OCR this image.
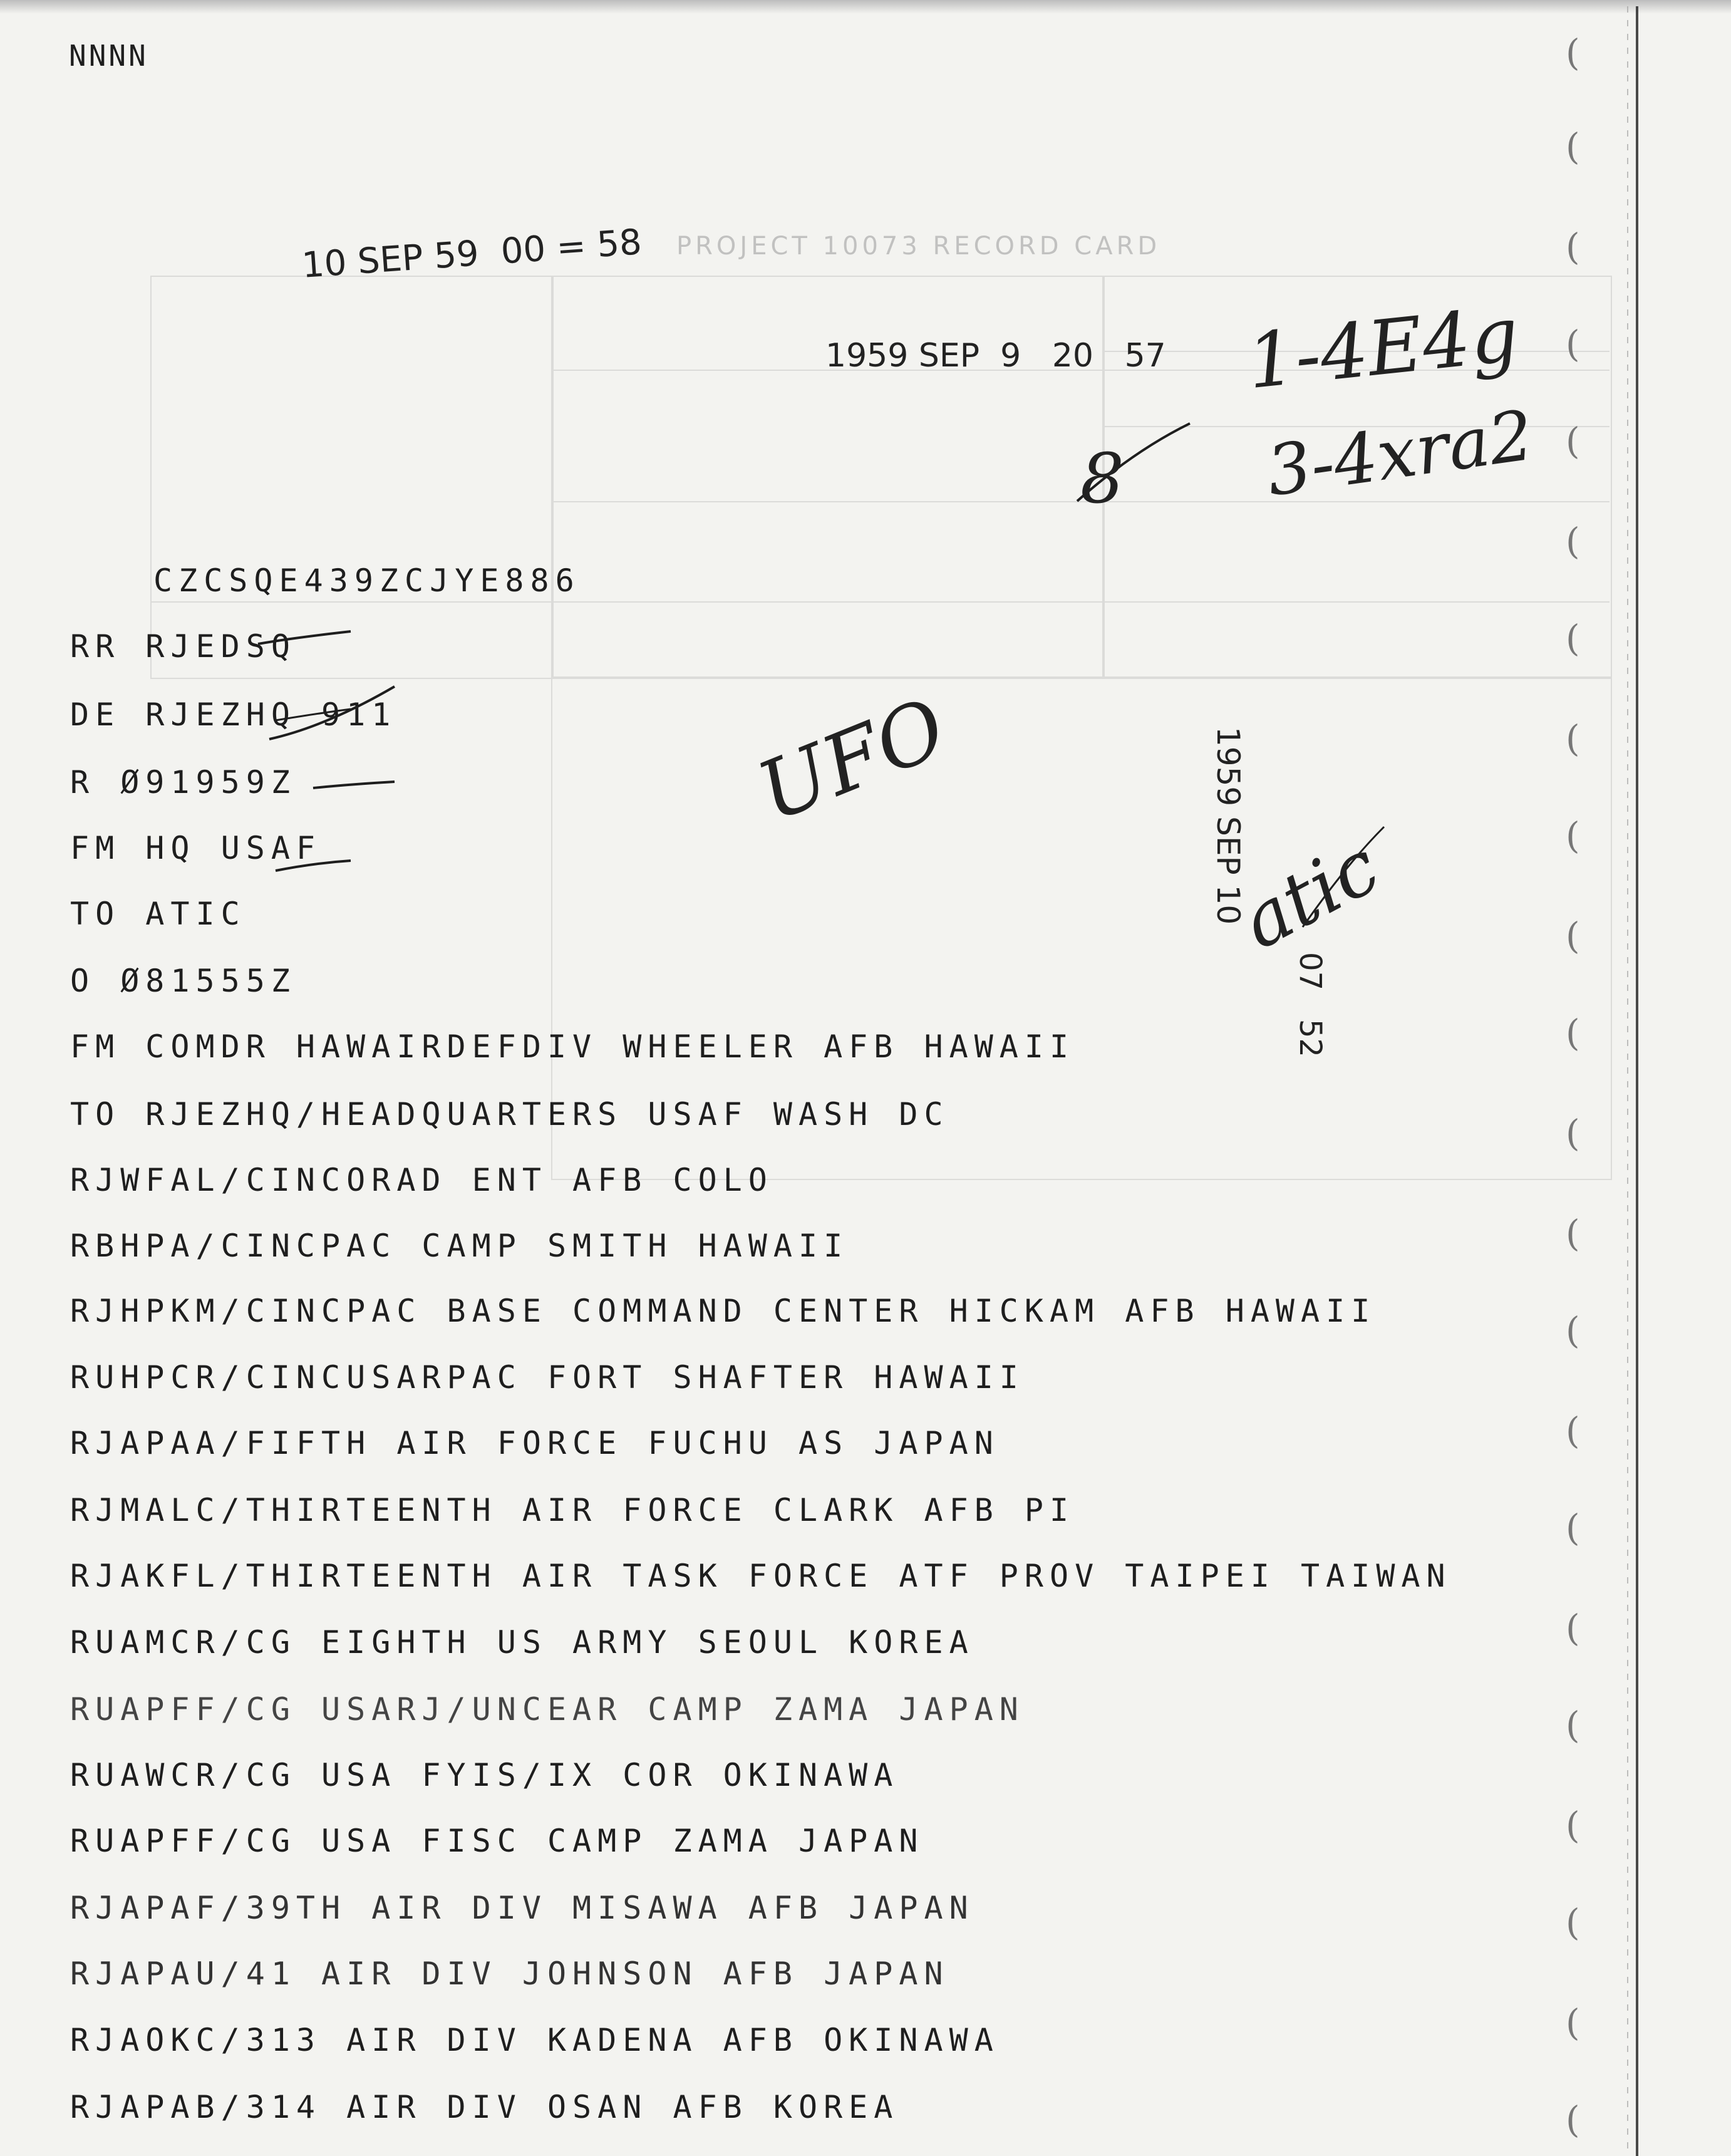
PROJECT 10073 RECORD CARD
(
(
(
(
(
(
(
(
(
(
(
(
(
(
(
(
(
(
(
(
(
(
NNNN
10 SEP 59  00 = 58
1959 SEP  9   20   57
1959 SEP 10
07   52
CZCSQE439ZCJYE886
RR RJEDSQ
DE RJEZHQ 911
R Ø91959Z
FM HQ USAF
TO ATIC
O Ø81555Z
FM COMDR HAWAIRDEFDIV WHEELER AFB HAWAII
TO RJEZHQ/HEADQUARTERS USAF WASH DC
RJWFAL/CINCORAD ENT AFB COLO
RBHPA/CINCPAC CAMP SMITH HAWAII
RJHPKM/CINCPAC BASE COMMAND CENTER HICKAM AFB HAWAII
RUHPCR/CINCUSARPAC FORT SHAFTER HAWAII
RJAPAA/FIFTH AIR FORCE FUCHU AS JAPAN
RJMALC/THIRTEENTH AIR FORCE CLARK AFB PI
RJAKFL/THIRTEENTH AIR TASK FORCE ATF PROV TAIPEI TAIWAN
RUAMCR/CG EIGHTH US ARMY SEOUL KOREA
RUAPFF/CG USARJ/UNCEAR CAMP ZAMA JAPAN
RUAWCR/CG USA FYIS/IX COR OKINAWA
RUAPFF/CG USA FISC CAMP ZAMA JAPAN
RJAPAF/39TH AIR DIV MISAWA AFB JAPAN
RJAPAU/41 AIR DIV JOHNSON AFB JAPAN
RJAOKC/313 AIR DIV KADENA AFB OKINAWA
RJAPAB/314 AIR DIV OSAN AFB KOREA
1-4E4g
3-4xra2
8
UFO
atic
